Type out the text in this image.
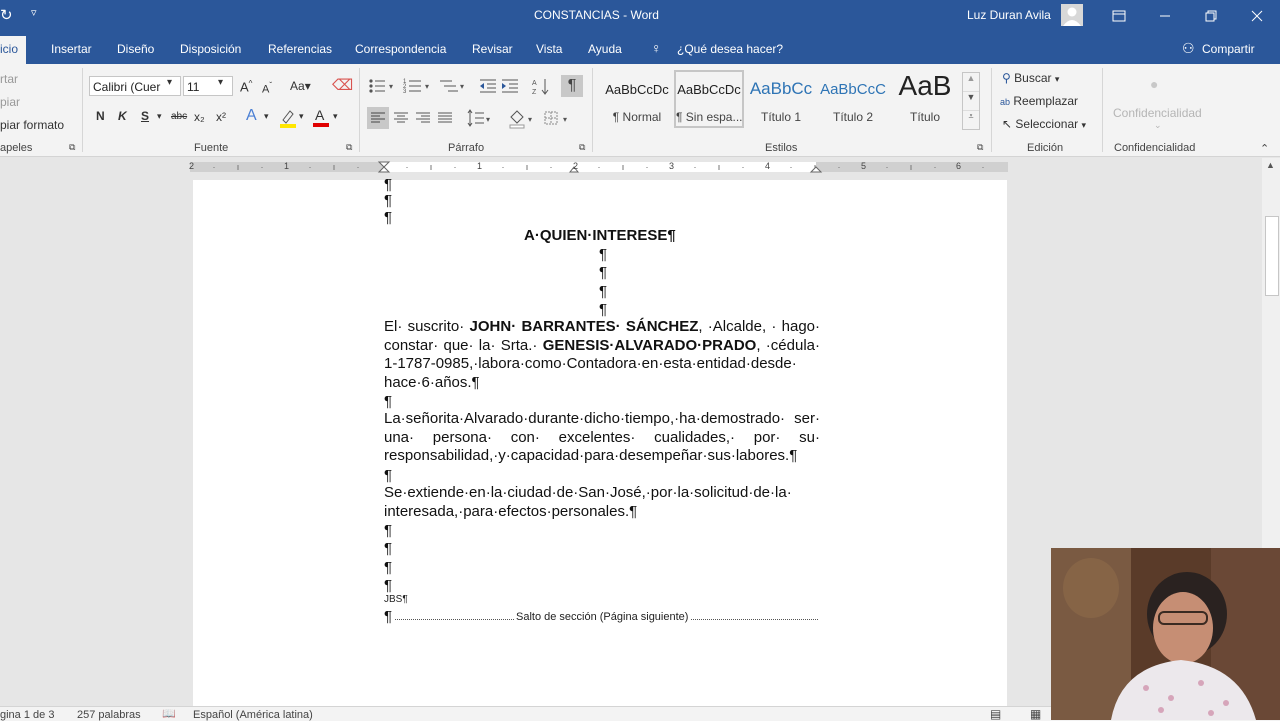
↻ ▿	CONSTANCIAS - Word	Luz Duran Avila
icio	Insertar Diseño Disposición Referencias Correspondencia Revisar Vista Ayuda ♀ ¿Qué desea hacer?	⚇ Compartir
rtar
piar
piar formato
apeles	⧉
Calibri (Cuer ▾	11	▾ A^
$A^ˇ$ Aa▾ ⌫
N K S ▾ abc x₂ x² A ▾	▾ A ▾
Fuente	⧉
▾ 1
2
3
▾	▾	A
Z ¶
▾	▾	▾
Párrafo	⧉
AaBbCcDc
¶ Normal
AaBbCcDc
¶ Sin espa...
AaBbCc
Título 1
AaBbCcC
Título 2
AaB
Título
▲
▼
⩡
Estilos	⧉
⚲ Buscar ▾
ab Reemplazar
↖ Seleccionar ▾
Edición
●
Confidencialidad
⌄
Confidencialidad	⌃
2	1	1	2	3	4	5	6
¶
¶
¶
A·QUIEN·INTERESE¶
¶
¶
¶
¶
El· suscrito· JOHN· BARRANTES· SÁNCHEZ, ·Alcalde, · hago· constar· que· la· Srta.· GENESIS·ALVARADO·PRADO, ·cédula· 1-1787-0985,·labora·como·Contadora·en·esta·entidad·desde· hace·6·años.¶
¶
La·señorita·Alvarado·durante·dicho·tiempo,·ha·demostrado· ser· una· persona· con· excelentes· cualidades,· por· su· responsabilidad,·y·capacidad·para·desempeñar·sus·labores.¶
¶
Se·extiende·en·la·ciudad·de·San·José,·por·la·solicitud·de·la· interesada,·para·efectos·personales.¶
¶
¶
¶
¶
JBS¶
¶	Salto de sección (Página siguiente)
▲
gina 1 de 3 257 palabras 📖 Español (América latina)	▤ ▦
